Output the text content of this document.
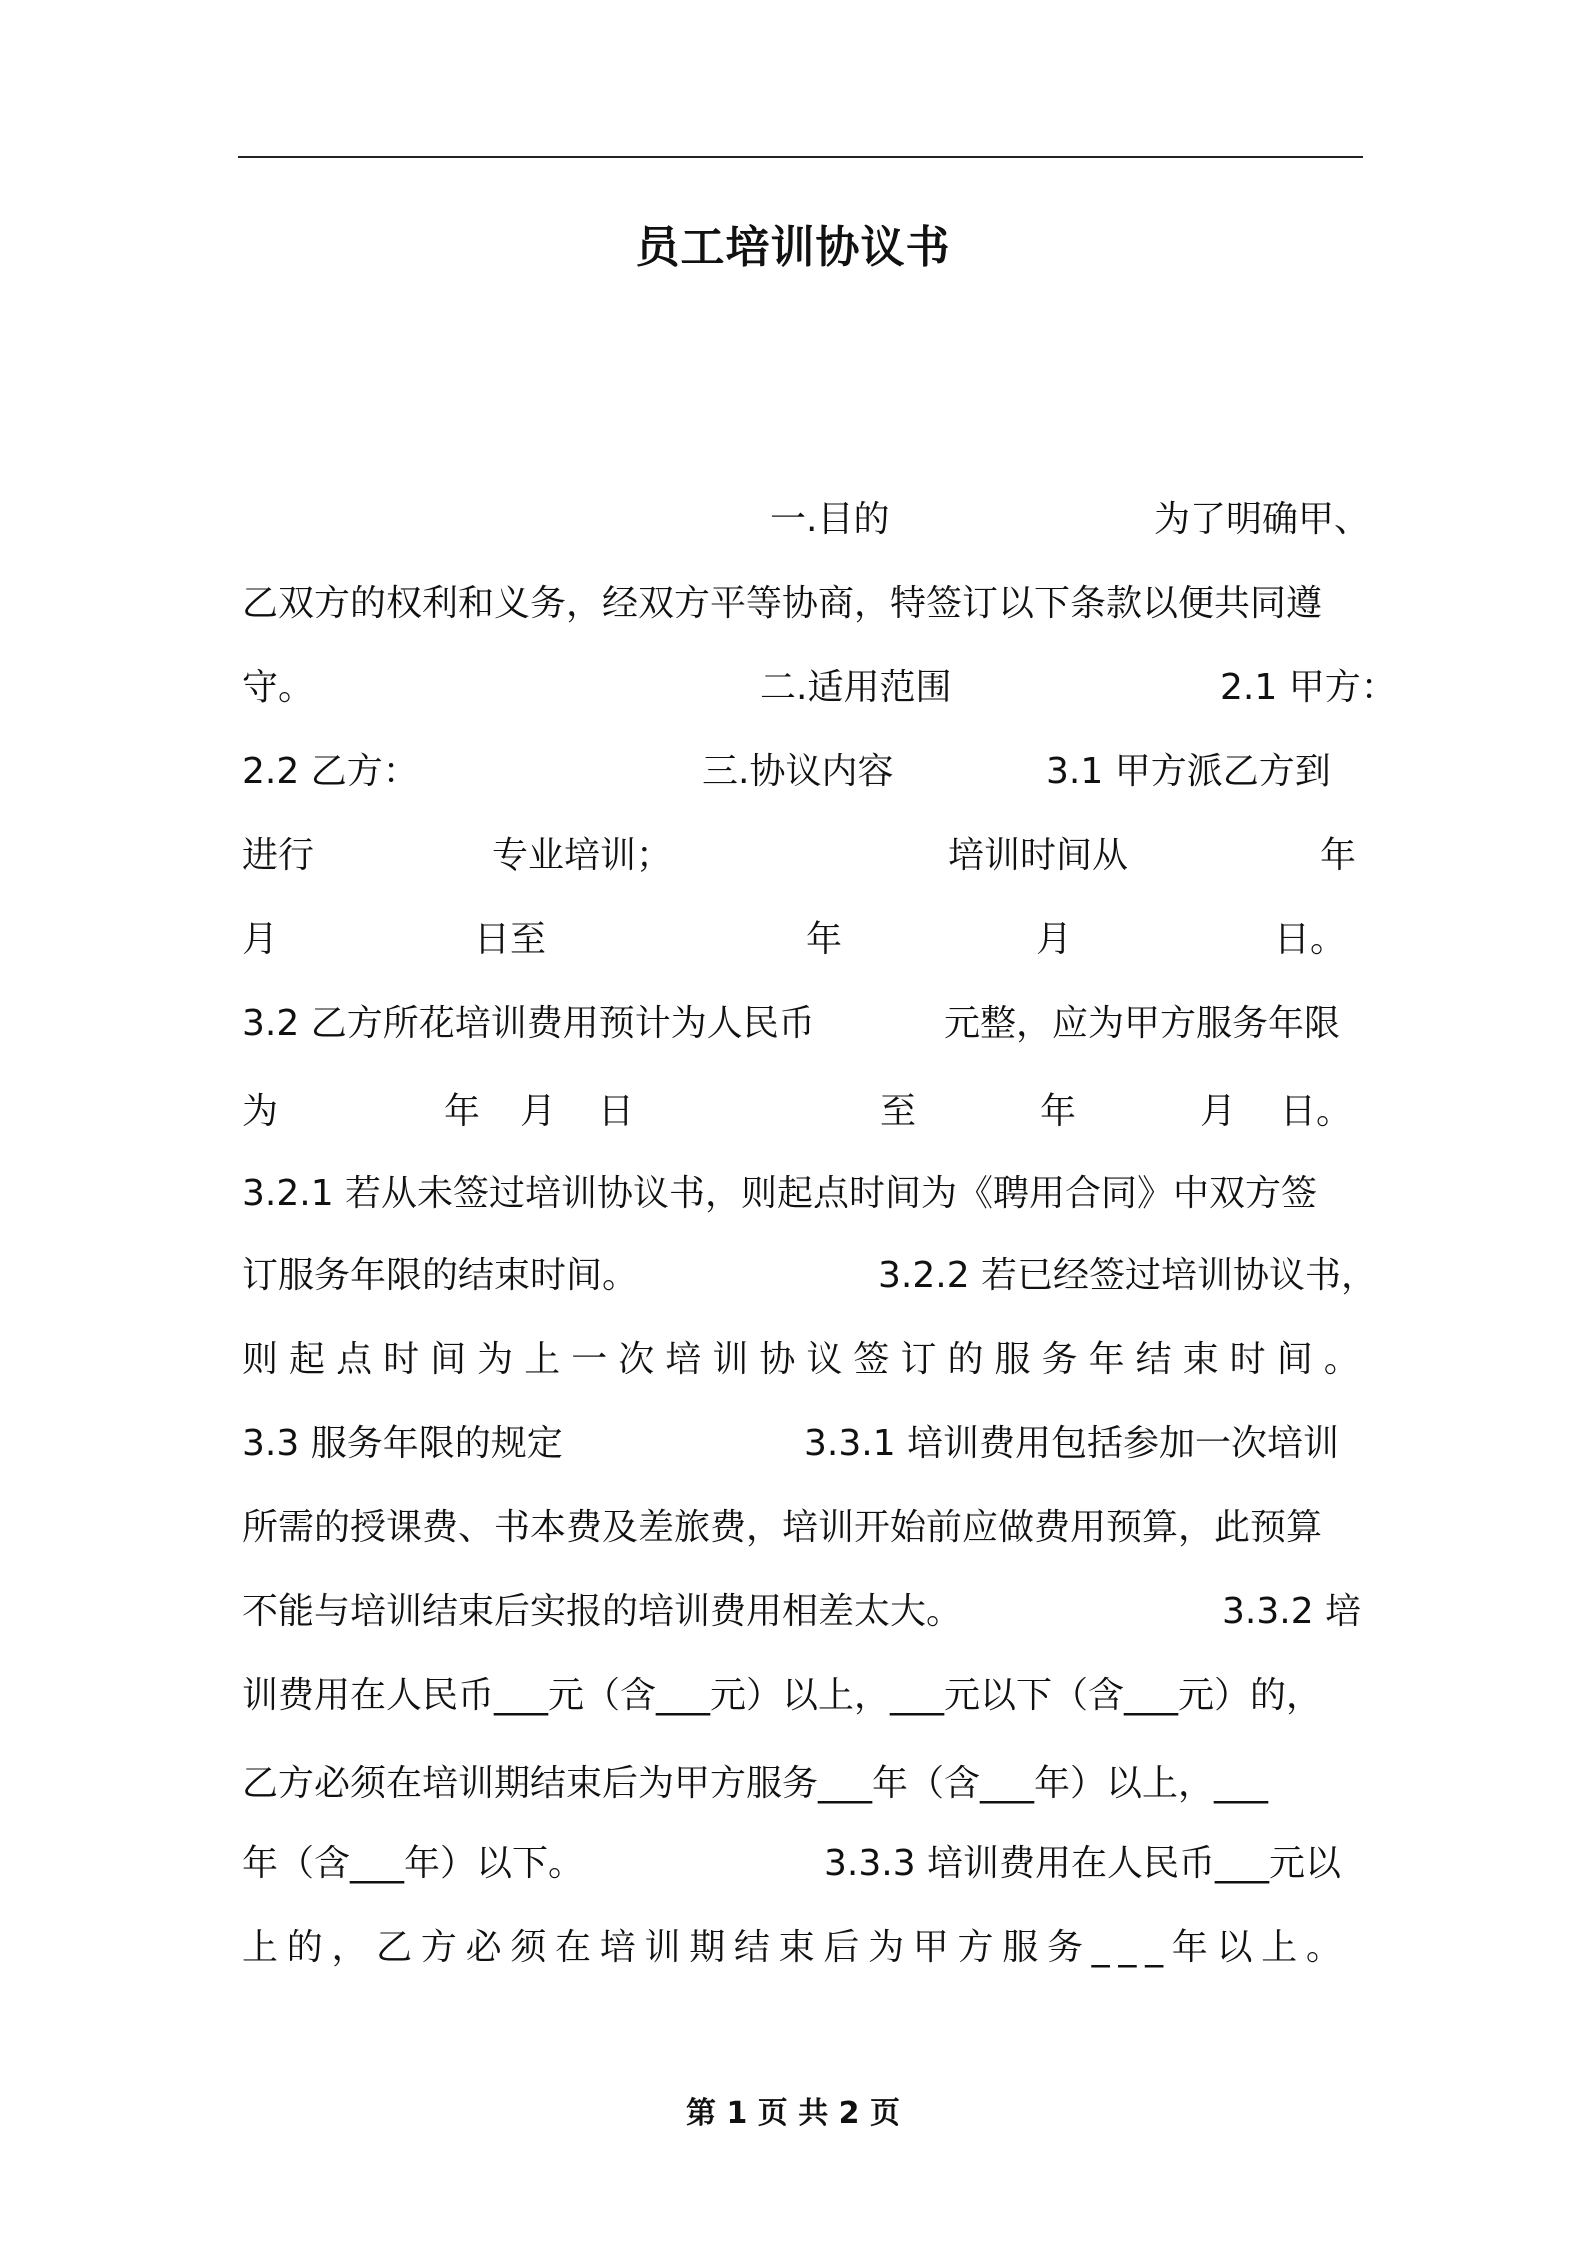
员工培训协议书
一.目的	为了明确甲、
乙双方的权利和义务，经双方平等协商，特签订以下条款以便共同遵
守。	二.适用范围	2.1 甲方：
2.2 乙方：	三.协议内容	3.1 甲方派乙方到
进行	专业培训；	培训时间从	年
月	日至	年	月	日。
3.2 乙方所花培训费用预计为人民币	元整，应为甲方服务年限
为	年 月 日	至	年	月 日。
3.2.1 若从未签过培训协议书，则起点时间为《聘用合同》中双方签
订服务年限的结束时间。	3.2.2 若已经签过培训协议书，
则 起 点 时 间 为 上 一 次 培 训 协 议 签 订 的 服 务 年 结 束 时 间 。
3.3 服务年限的规定	3.3.1 培训费用包括参加一次培训
所需的授课费、书本费及差旅费，培训开始前应做费用预算，此预算
不能与培训结束后实报的培训费用相差太大。	3.3.2 培
训费用在人民币___元（含___元）以上，___元以下（含___元）的，
乙方必须在培训期结束后为甲方服务___年（含___年）以上，___
年（含___年）以下。	3.3.3 培训费用在人民币___元以
上 的 ， 乙 方 必 须 在 培 训 期 结 束 后 为 甲 方 服 务 _ _ _ 年 以 上 。
第 1 页 共 2 页
